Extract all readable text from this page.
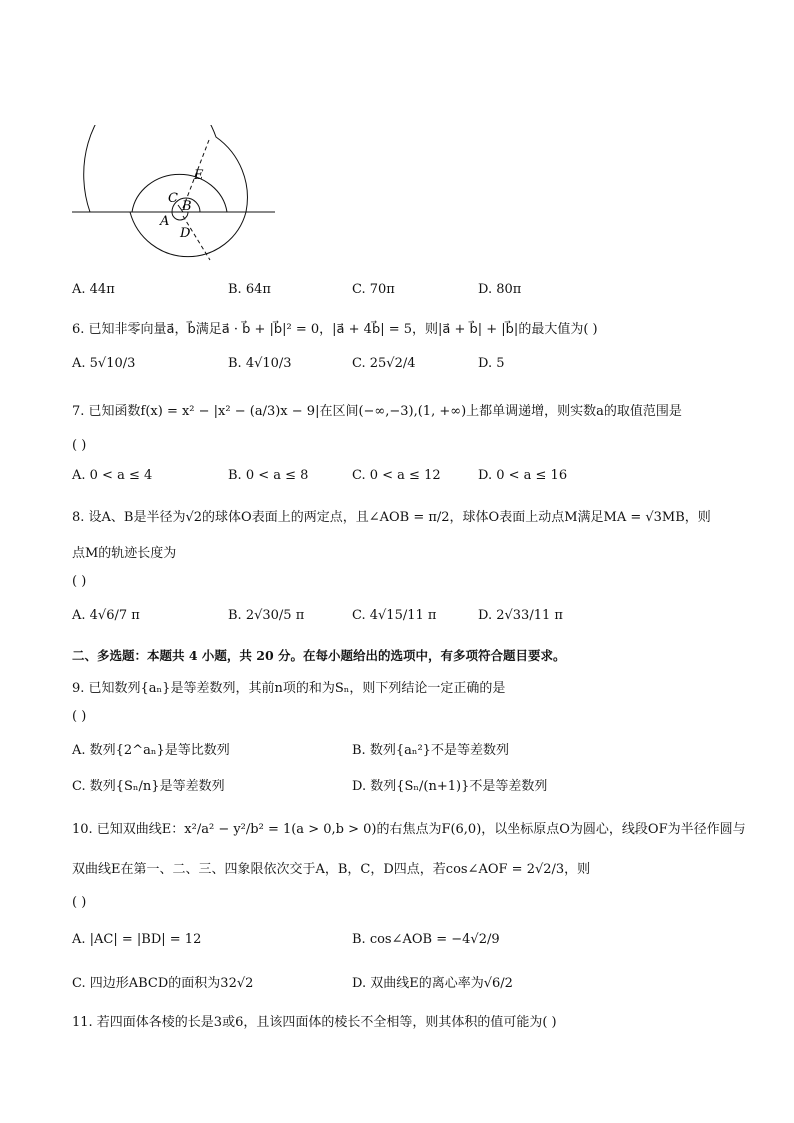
E
C
B
A
D
A. 44π	B. 64π	C. 70π	D. 80π
6. 已知非零向量a⃗，b⃗满足a⃗ · b⃗ + |b⃗|² = 0，|a⃗ + 4b⃗| = 5，则|a⃗ + b⃗| + |b⃗|的最大值为( )
A. 5√10/3	B. 4√10/3	C. 25√2/4	D. 5
7. 已知函数f(x) = x² − |x² − (a/3)x − 9|在区间(−∞,−3),(1, +∞)上都单调递增，则实数a的取值范围是
( )
A. 0 < a ≤ 4	B. 0 < a ≤ 8	C. 0 < a ≤ 12	D. 0 < a ≤ 16
8. 设A、B是半径为√2的球体O表面上的两定点，且∠AOB = π/2，球体O表面上动点M满足MA = √3MB，则
点M的轨迹长度为
( )
A. 4√6/7 π	B. 2√30/5 π	C. 4√15/11 π	D. 2√33/11 π
二、多选题：本题共 4 小题，共 20 分。在每小题给出的选项中，有多项符合题目要求。
9. 已知数列{aₙ}是等差数列，其前n项的和为Sₙ，则下列结论一定正确的是
( )
A. 数列{2^aₙ}是等比数列	B. 数列{aₙ²}不是等差数列
C. 数列{Sₙ/n}是等差数列	D. 数列{Sₙ/(n+1)}不是等差数列
10. 已知双曲线E：x²/a² − y²/b² = 1(a > 0,b > 0)的右焦点为F(6,0)，以坐标原点O为圆心，线段OF为半径作圆与
双曲线E在第一、二、三、四象限依次交于A，B，C，D四点，若cos∠AOF = 2√2/3，则
( )
A. |AC| = |BD| = 12	B. cos∠AOB = −4√2/9
C. 四边形ABCD的面积为32√2	D. 双曲线E的离心率为√6/2
11. 若四面体各棱的长是3或6，且该四面体的棱长不全相等，则其体积的值可能为( )
